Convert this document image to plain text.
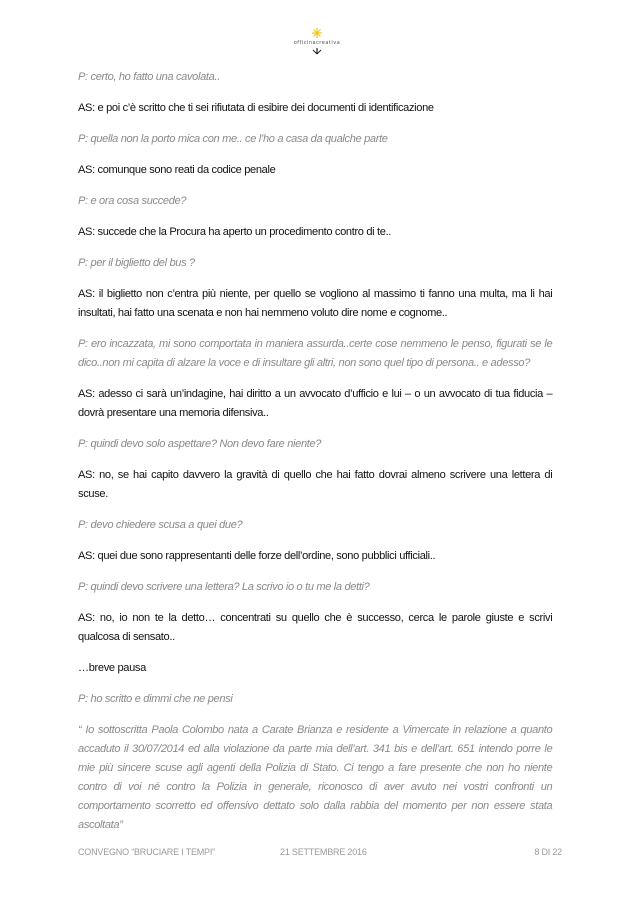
officinacreativa

P: certo, ho fatto una cavolata..

AS: e poi c’è scritto che ti sei rifiutata di esibire dei documenti di identificazione

P: quella non la porto mica con me.. ce l’ho a casa da qualche parte

AS: comunque sono reati da codice penale

P: e ora cosa succede?

AS: succede che la Procura ha aperto un procedimento contro di te..

P: per il biglietto del bus ?

AS: il biglietto non c’entra più niente, per quello se vogliono al massimo ti fanno una multa, ma li hai insultati, hai fatto una scenata e non hai nemmeno voluto dire nome e cognome..

P: ero incazzata, mi sono comportata in maniera assurda..certe cose nemmeno le penso, figurati se le dico..non mi capita di alzare la voce e di insultare gli altri, non sono quel tipo di persona.. e adesso?

AS: adesso ci sarà un’indagine, hai diritto a un avvocato d’ufficio e lui – o un avvocato di tua fiducia – dovrà presentare una memoria difensiva..

P: quindi devo solo aspettare? Non devo fare niente?

AS: no, se hai capito davvero la gravità di quello che hai fatto dovrai almeno scrivere una lettera di scuse.

P: devo chiedere scusa a quei due?

AS: quei due sono rappresentanti delle forze dell’ordine, sono pubblici ufficiali..

P: quindi devo scrivere una lettera? La scrivo io o tu me la detti?

AS: no, io non te la detto… concentrati su quello che è successo, cerca le parole giuste e scrivi qualcosa di sensato..

…breve pausa

P: ho scritto e dimmi che ne pensi

“ Io sottoscritta Paola Colombo nata a Carate Brianza e residente a Vimercate in relazione a quanto accaduto il 30/07/2014 ed alla violazione da parte mia dell’art. 341 bis e dell’art. 651 intendo porre le mie più sincere scuse agli agenti della Polizia di Stato. Ci tengo a fare presente che non ho niente contro di voi né contro la Polizia in generale, riconosco di aver avuto nei vostri confronti un comportamento scorretto ed offensivo dettato solo dalla rabbia del momento per non essere stata ascoltata”

CONVEGNO “BRUCIARE I TEMPI”	21 SETTEMBRE 2016	8 DI 22
